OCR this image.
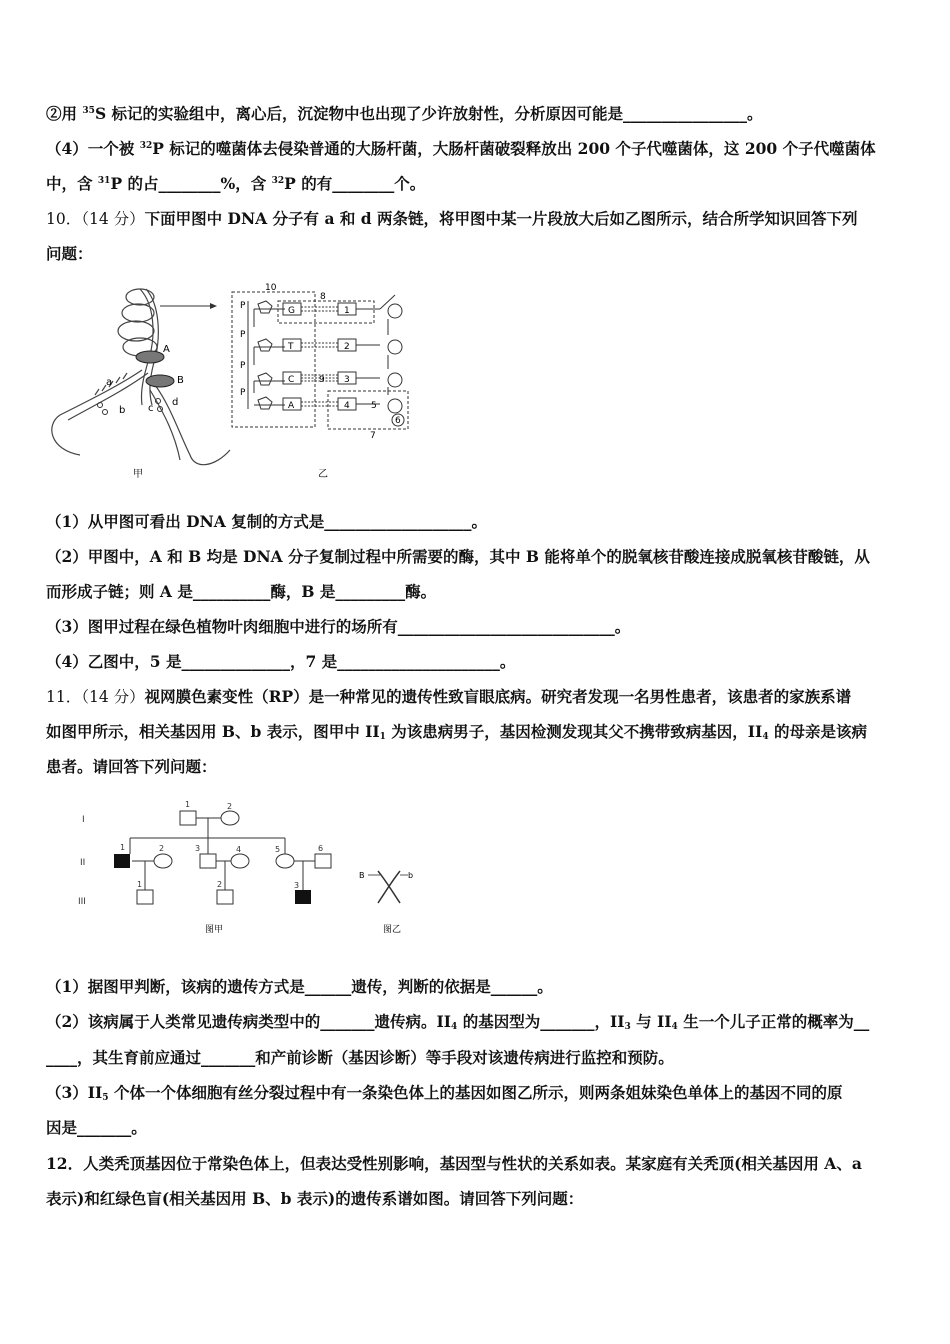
②用 $^{35}$S 标记的实验组中，离心后，沉淀物中也出现了少许放射性，分析原因可能是________________。
（4）一个被 $^{32}$P 标记的噬菌体去侵染普通的大肠杆菌，大肠杆菌破裂释放出 200 个子代噬菌体，这 200 个子代噬菌体
中，含 $^{31}$P 的占________%，含 $^{32}$P 的有________个。
10．（14 分）下面甲图中 DNA 分子有 a 和 d 两条链，将甲图中某一片段放大后如乙图所示，结合所学知识回答下列
问题：
A
B
a
b c
d
甲
P
P
P
P
G
T
C
A
1
2
3
4
10
8
9
5
6
7
乙
（1）从甲图可看出 DNA 复制的方式是___________________。
（2）甲图中，A 和 B 均是 DNA 分子复制过程中所需要的酶，其中 B 能将单个的脱氧核苷酸连接成脱氧核苷酸链，从
而形成子链；则 A 是__________酶，B 是_________酶。
（3）图甲过程在绿色植物叶肉细胞中进行的场所有____________________________。
（4）乙图中，5 是______________，7 是_____________________。
11．（14 分）视网膜色素变性（RP）是一种常见的遗传性致盲眼底病。研究者发现一名男性患者，该患者的家族系谱
如图甲所示，相关基因用 B、b 表示，图甲中 $II_1$ 为该患病男子，基因检测发现其父不携带致病基因，$II_4$ 的母亲是该病
患者。请回答下列问题：
I
II
III
1	2
1	2	3	4	5	6
1	2	3
图甲
B	b
图乙
（1）据图甲判断，该病的遗传方式是______遗传，判断的依据是______。
（2）该病属于人类常见遗传病类型中的_______遗传病。$II_4$ 的基因型为_______，$II_3$ 与 $II_4$ 生一个儿子正常的概率为__
____，其生育前应通过_______和产前诊断（基因诊断）等手段对该遗传病进行监控和预防。
$(3)II_5$ 个体一个体细胞有丝分裂过程中有一条染色体上的基因如图乙所示，则两条姐妹染色单体上的基因不同的原
因是_______。
12．人类秃顶基因位于常染色体上，但表达受性别影响，基因型与性状的关系如表。某家庭有关秃顶(相关基因用 A、a
表示)和红绿色盲(相关基因用 B、b 表示)的遗传系谱如图。请回答下列问题：
